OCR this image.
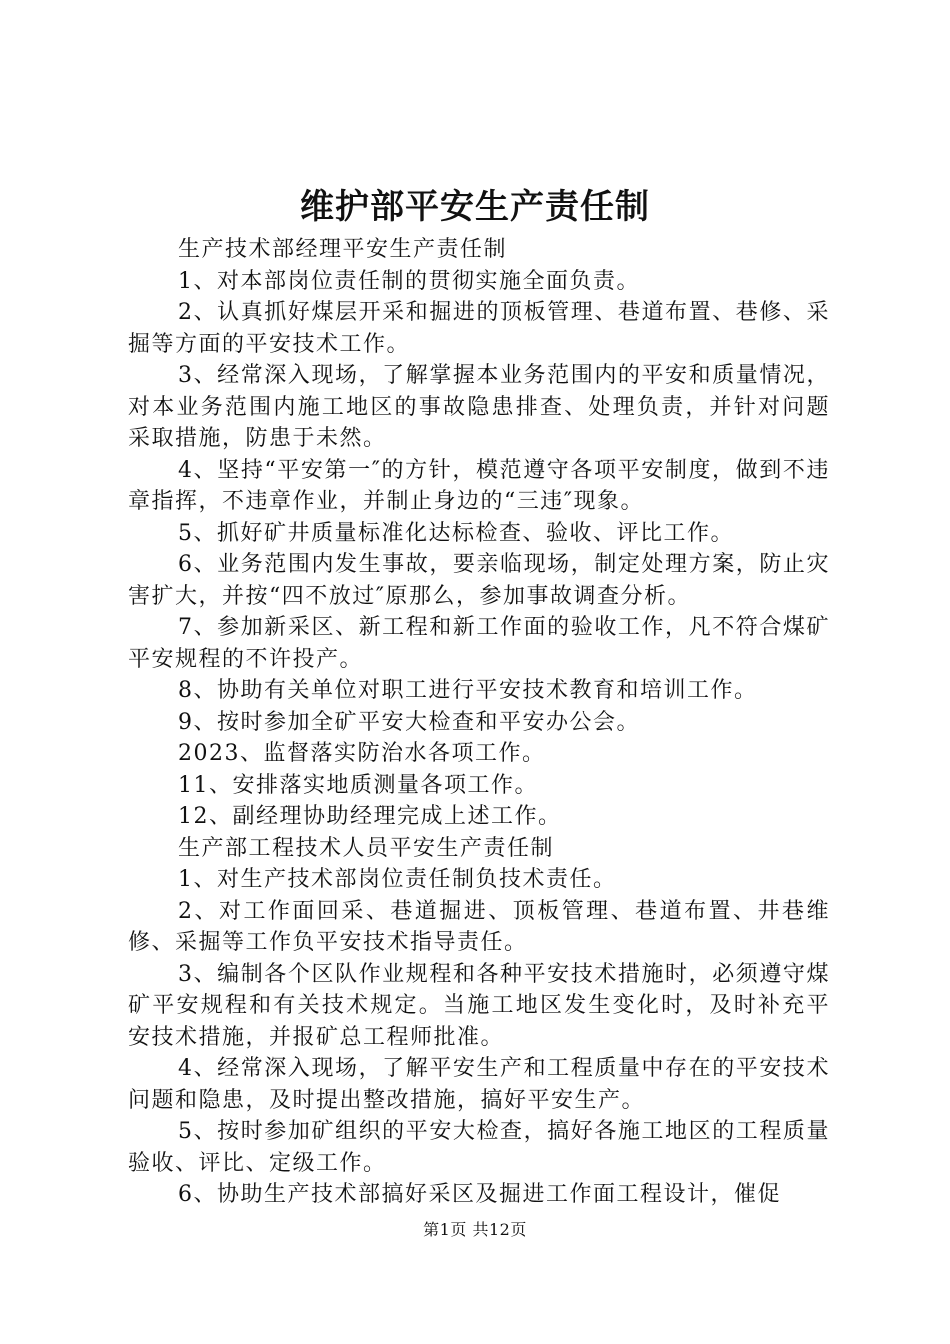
维护部平安生产责任制

生产技术部经理平安生产责任制

1、对本部岗位责任制的贯彻实施全面负责。

2、认真抓好煤层开采和掘进的顶板管理、巷道布置、巷修、采掘等方面的平安技术工作。

3、经常深入现场，了解掌握本业务范围内的平安和质量情况，对本业务范围内施工地区的事故隐患排查、处理负责，并针对问题采取措施，防患于未然。

4、坚持“平安第一″的方针，模范遵守各项平安制度，做到不违章指挥，不违章作业，并制止身边的“三违″现象。

5、抓好矿井质量标准化达标检查、验收、评比工作。

6、业务范围内发生事故，要亲临现场，制定处理方案，防止灾害扩大，并按“四不放过″原那么，参加事故调查分析。

7、参加新采区、新工程和新工作面的验收工作，凡不符合煤矿平安规程的不许投产。

8、协助有关单位对职工进行平安技术教育和培训工作。

9、按时参加全矿平安大检查和平安办公会。

2023、监督落实防治水各项工作。

11、安排落实地质测量各项工作。

12、副经理协助经理完成上述工作。

生产部工程技术人员平安生产责任制

1、对生产技术部岗位责任制负技术责任。

2、对工作面回采、巷道掘进、顶板管理、巷道布置、井巷维修、采掘等工作负平安技术指导责任。

3、编制各个区队作业规程和各种平安技术措施时，必须遵守煤矿平安规程和有关技术规定。当施工地区发生变化时，及时补充平安技术措施，并报矿总工程师批准。

4、经常深入现场，了解平安生产和工程质量中存在的平安技术问题和隐患，及时提出整改措施，搞好平安生产。

5、按时参加矿组织的平安大检查，搞好各施工地区的工程质量验收、评比、定级工作。

6、协助生产技术部搞好采区及掘进工作面工程设计，催促

第1页 共12页
